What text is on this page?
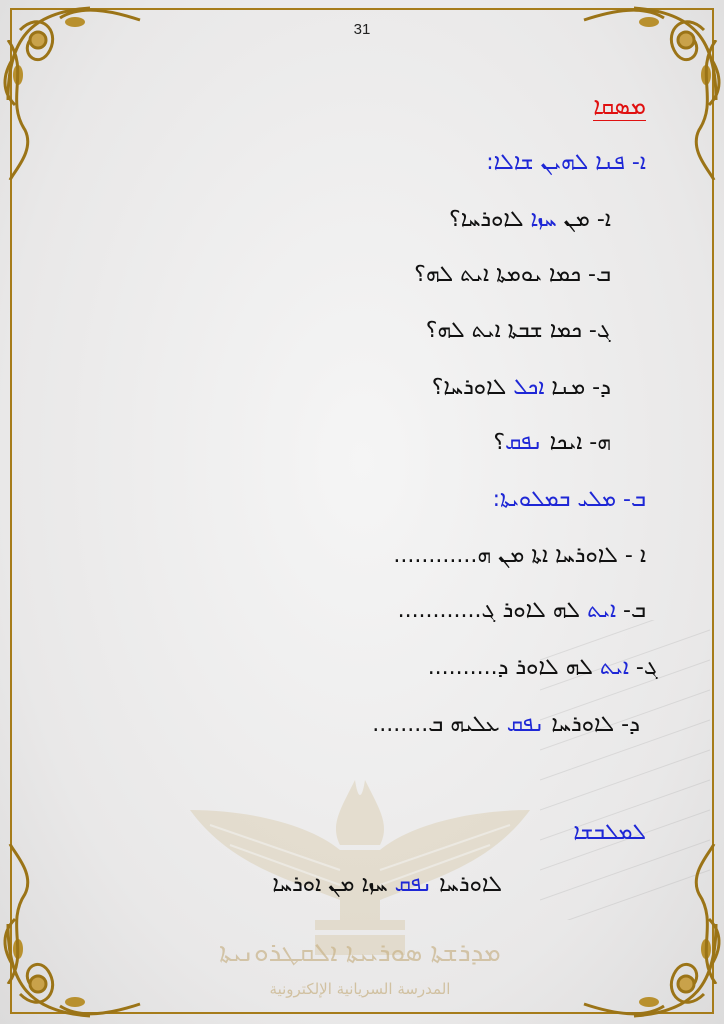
ܡܕܪܫܬܐ ܣܘܪܝܝܬܐ ܐܠܩܛܪܘܢܝܬܐ
المدرسة السريانية الإلكترونية
31
ܡܣܩܐ
ܐ- ܦܢܐ ܠܗܝܢ ܫܐܠܐ:
ܐ- ܡܢ ܚܙܐ ܠܐܘܪܚܐ؟
ܒ- ܟܡܐ ܝܘܡܬܐ ܐܝܬ ܠܗ؟
ܓ- ܟܡܐ ܫܒܬܐ ܐܝܬ ܠܗ؟
ܕ- ܡܢܐ ܐܟܠ ܠܐܘܪܚܐ؟
ܗ- ܐܝܟܐ ܢܦܩ؟
ܒ- ܡܠܝ ܒܡܠܘܝܬܐ:
ܐ - ܠܐܘܪܚܐ ܐܬܐ ܡܢ ܗ............
ܒ- ܐܝܬ ܠܗ ܠܐܘܪ ܓ............
ܓ- ܐܝܬ ܠܗ ܠܐܘܪ ܕ..........
ܕ- ܠܐܘܪܚܐ ܢܦܩ ܥܠܝܗ ܒ........
ܠܡܠܒܫܐ
ܠܐܘܪܚܐ ܢܦܩ ܚܙܐ ܡܢ ܐܘܪܚܐ
